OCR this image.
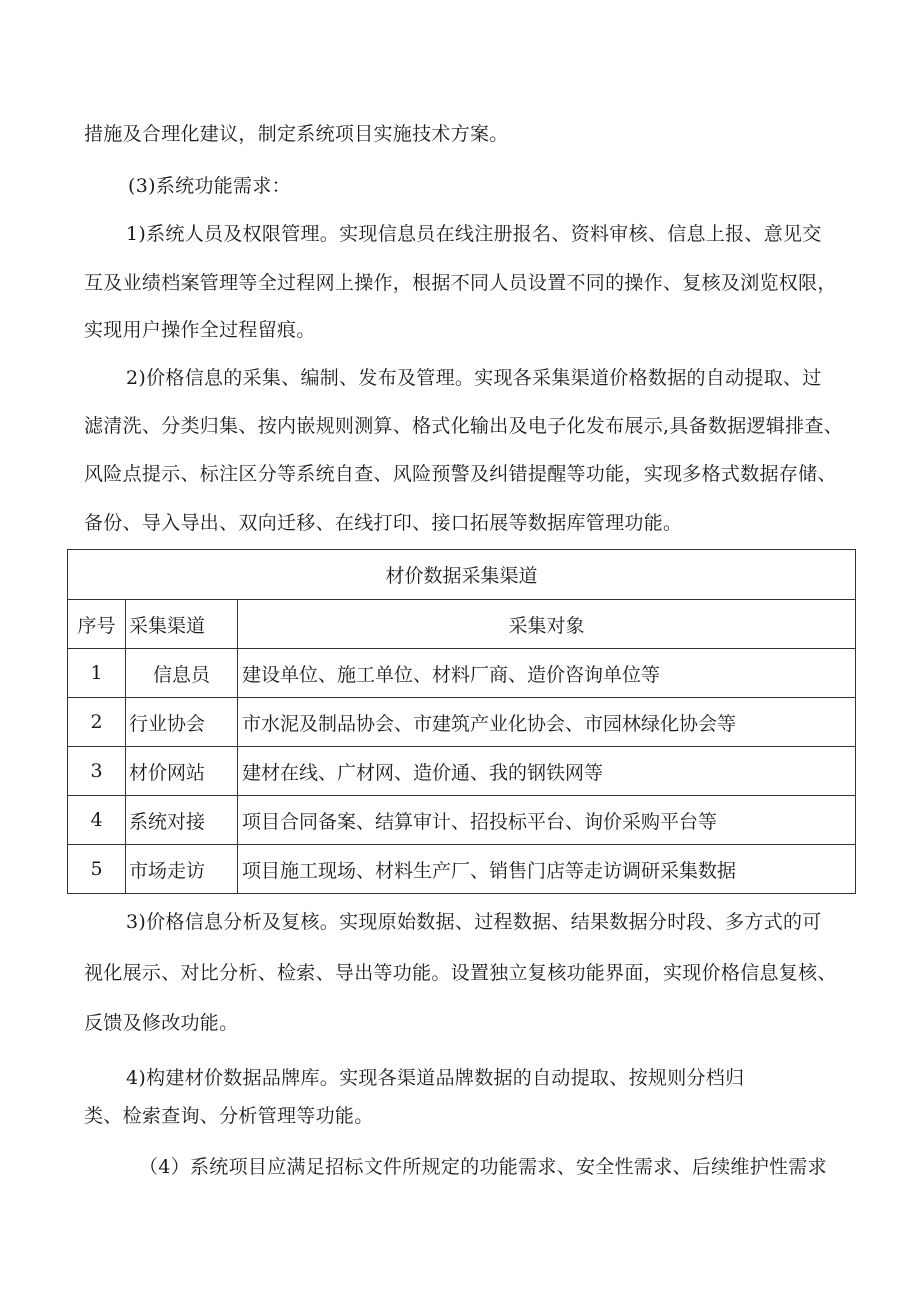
措施及合理化建议，制定系统项目实施技术方案。
(3)系统功能需求：
1)系统人员及权限管理。实现信息员在线注册报名、资料审核、信息上报、意见交
互及业绩档案管理等全过程网上操作，根据不同人员设置不同的操作、复核及浏览权限，
实现用户操作全过程留痕。
2)价格信息的采集、编制、发布及管理。实现各采集渠道价格数据的自动提取、过
滤清洗、分类归集、按内嵌规则测算、格式化输出及电子化发布展示,具备数据逻辑排查、
风险点提示、标注区分等系统自查、风险预警及纠错提醒等功能，实现多格式数据存储、
备份、导入导出、双向迁移、在线打印、接口拓展等数据库管理功能。
材价数据采集渠道		
序号	采集渠道	采集对象
1	信息员	建设单位、施工单位、材料厂商、造价咨询单位等
2	行业协会	市水泥及制品协会、市建筑产业化协会、市园林绿化协会等
3	材价网站	建材在线、广材网、造价通、我的钢铁网等
4	系统对接	项目合同备案、结算审计、招投标平台、询价采购平台等
5	市场走访	项目施工现场、材料生产厂、销售门店等走访调研采集数据
3)价格信息分析及复核。实现原始数据、过程数据、结果数据分时段、多方式的可
视化展示、对比分析、检索、导出等功能。设置独立复核功能界面，实现价格信息复核、
反馈及修改功能。
4)构建材价数据品牌库。实现各渠道品牌数据的自动提取、按规则分档归
类、检索查询、分析管理等功能。
（4）系统项目应满足招标文件所规定的功能需求、安全性需求、后续维护性需求
